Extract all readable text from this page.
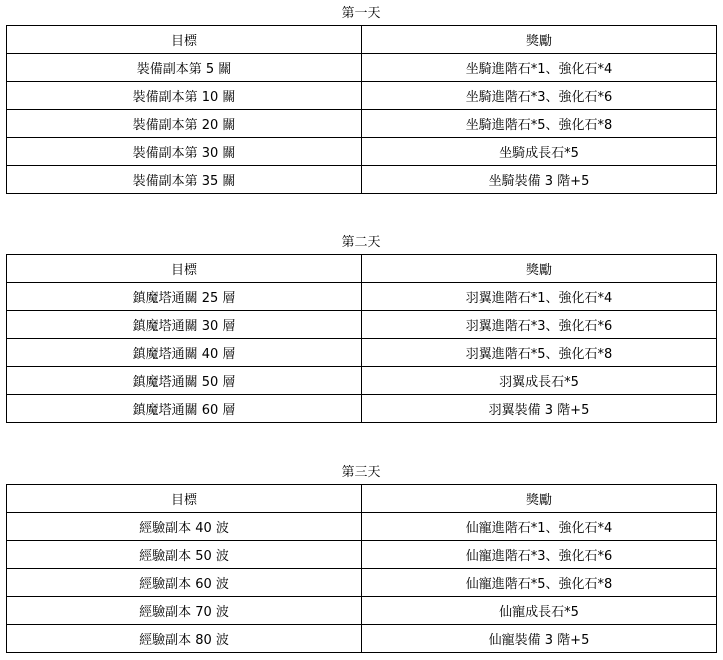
第一天
目標	獎勵
裝備副本第 5 關	坐騎進階石*1、強化石*4
裝備副本第 10 關	坐騎進階石*3、強化石*6
裝備副本第 20 關	坐騎進階石*5、強化石*8
裝備副本第 30 關	坐騎成長石*5
裝備副本第 35 關	坐騎裝備 3 階+5
第二天
目標	獎勵
鎮魔塔通關 25 層	羽翼進階石*1、強化石*4
鎮魔塔通關 30 層	羽翼進階石*3、強化石*6
鎮魔塔通關 40 層	羽翼進階石*5、強化石*8
鎮魔塔通關 50 層	羽翼成長石*5
鎮魔塔通關 60 層	羽翼裝備 3 階+5
第三天
目標	獎勵
經驗副本 40 波	仙寵進階石*1、強化石*4
經驗副本 50 波	仙寵進階石*3、強化石*6
經驗副本 60 波	仙寵進階石*5、強化石*8
經驗副本 70 波	仙寵成長石*5
經驗副本 80 波	仙寵裝備 3 階+5
